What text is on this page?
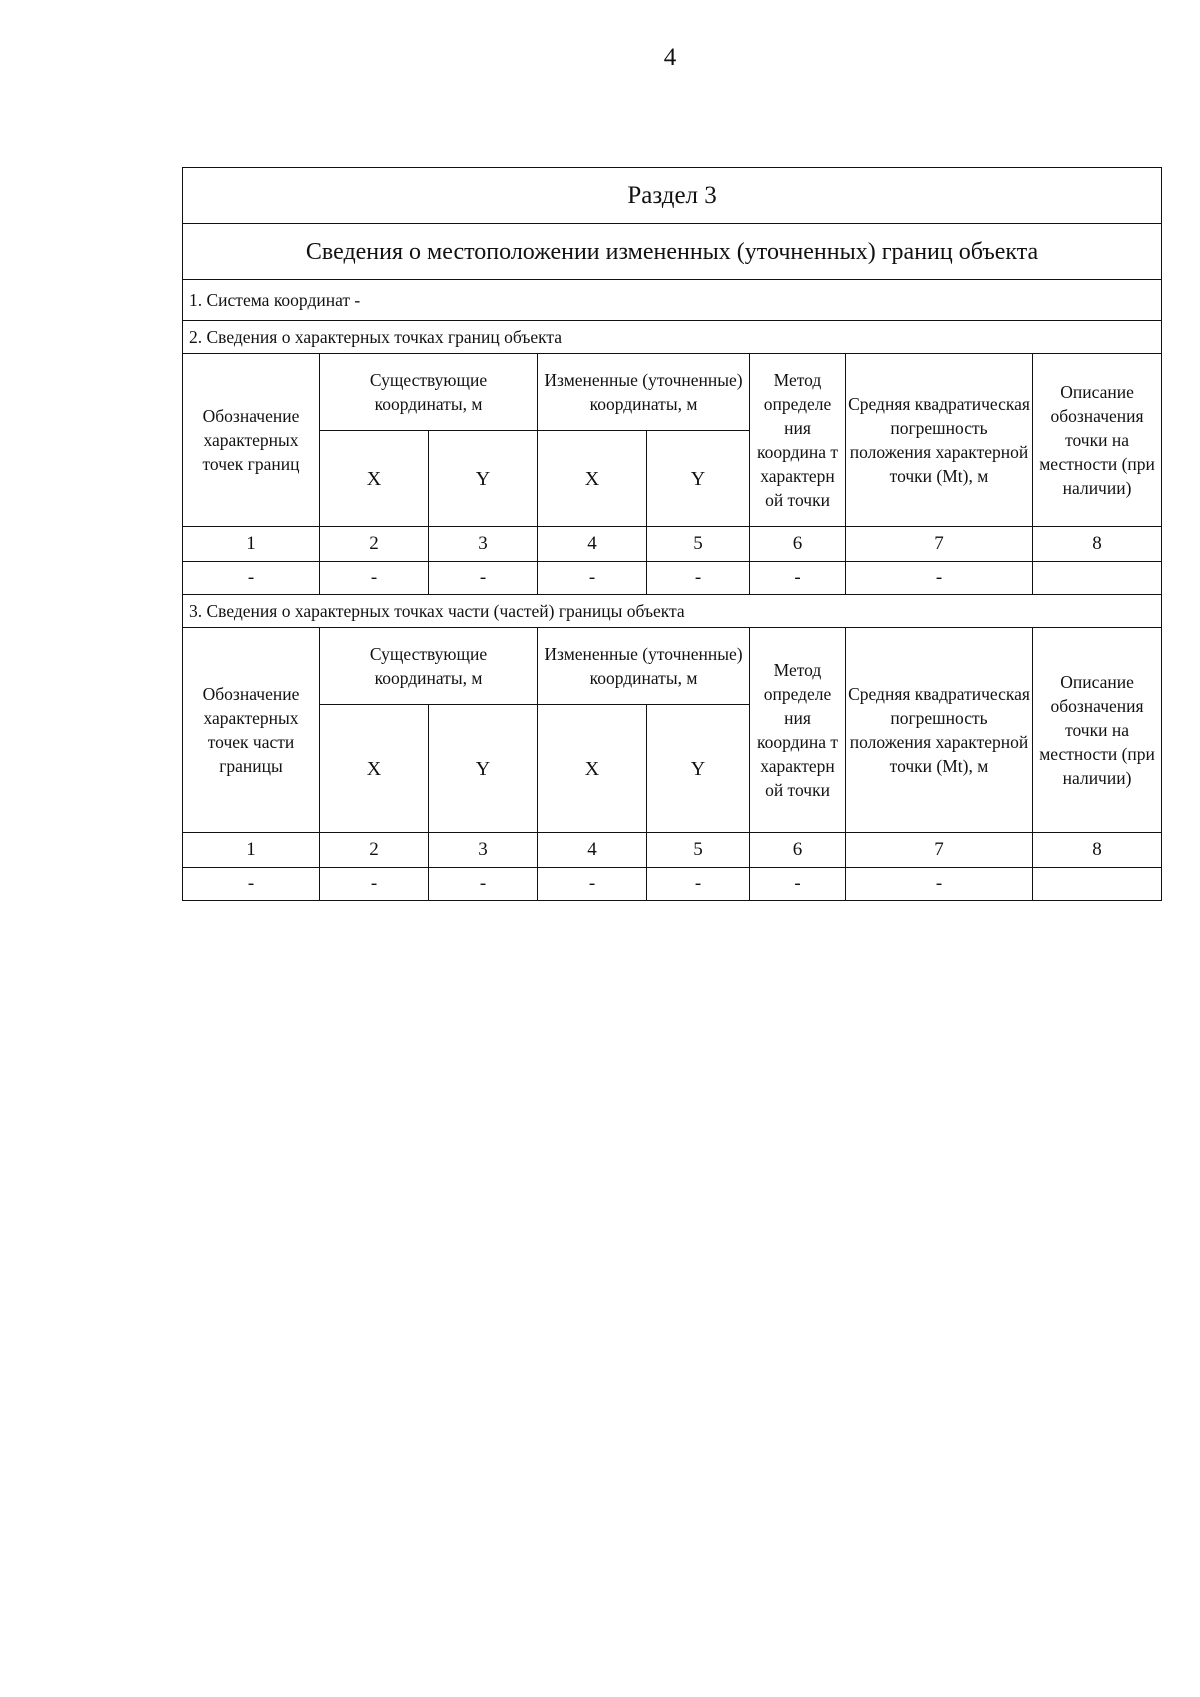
4
Раздел 3							
Сведения о местоположении измененных (уточненных) границ объекта							
1. Система координат -							
2. Сведения о характерных точках границ объекта							
Обозначение характерных точек границ	Существующие координаты, м		Измененные (уточненные) координаты, м		Метод определе ния координа т характерн ой точки	Средняя квадратическая погрешность положения характерной точки (Mt), м	Описание обозначения точки на местности (при наличии)
	X	Y	X	Y			
1	2	3	4	5	6	7	8
-	-	-	-	-	-	-	
3. Сведения о характерных точках части (частей) границы объекта							
Обозначение характерных точек части границы	Существующие координаты, м		Измененные (уточненные) координаты, м		Метод определе ния координа т характерн ой точки	Средняя квадратическая погрешность положения характерной точки (Mt), м	Описание обозначения точки на местности (при наличии)
	X	Y	X	Y			
1	2	3	4	5	6	7	8
-	-	-	-	-	-	-	
